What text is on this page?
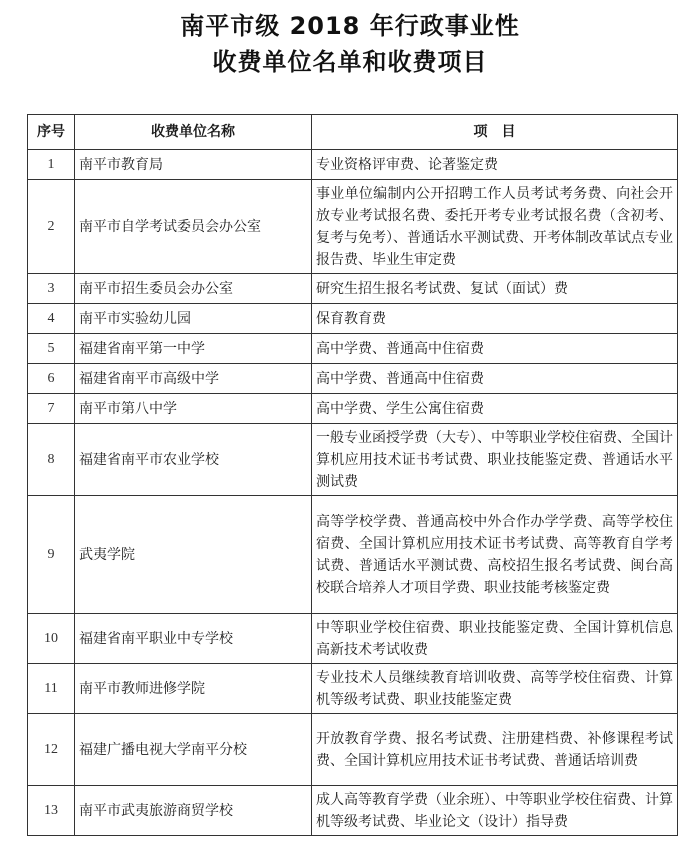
南平市级 2018 年行政事业性
收费单位名单和收费项目
序号	收费单位名称	项　目
1	南平市教育局	专业资格评审费、论著鉴定费
2	南平市自学考试委员会办公室	事业单位编制内公开招聘工作人员考试考务费、向社会开放专业考试报名费、委托开考专业考试报名费（含初考、复考与免考）、普通话水平测试费、开考体制改革试点专业报告费、毕业生审定费
3	南平市招生委员会办公室	研究生招生报名考试费、复试（面试）费
4	南平市实验幼儿园	保育教育费
5	福建省南平第一中学	高中学费、普通高中住宿费
6	福建省南平市高级中学	高中学费、普通高中住宿费
7	南平市第八中学	高中学费、学生公寓住宿费
8	福建省南平市农业学校	一般专业函授学费（大专）、中等职业学校住宿费、全国计算机应用技术证书考试费、职业技能鉴定费、普通话水平测试费
9	武夷学院	高等学校学费、普通高校中外合作办学学费、高等学校住宿费、全国计算机应用技术证书考试费、高等教育自学考试费、普通话水平测试费、高校招生报名考试费、闽台高校联合培养人才项目学费、职业技能考核鉴定费
10	福建省南平职业中专学校	中等职业学校住宿费、职业技能鉴定费、全国计算机信息高新技术考试收费
11	南平市教师进修学院	专业技术人员继续教育培训收费、高等学校住宿费、计算机等级考试费、职业技能鉴定费
12	福建广播电视大学南平分校	开放教育学费、报名考试费、注册建档费、补修课程考试费、全国计算机应用技术证书考试费、普通话培训费
13	南平市武夷旅游商贸学校	成人高等教育学费（业余班）、中等职业学校住宿费、计算机等级考试费、毕业论文（设计）指导费
